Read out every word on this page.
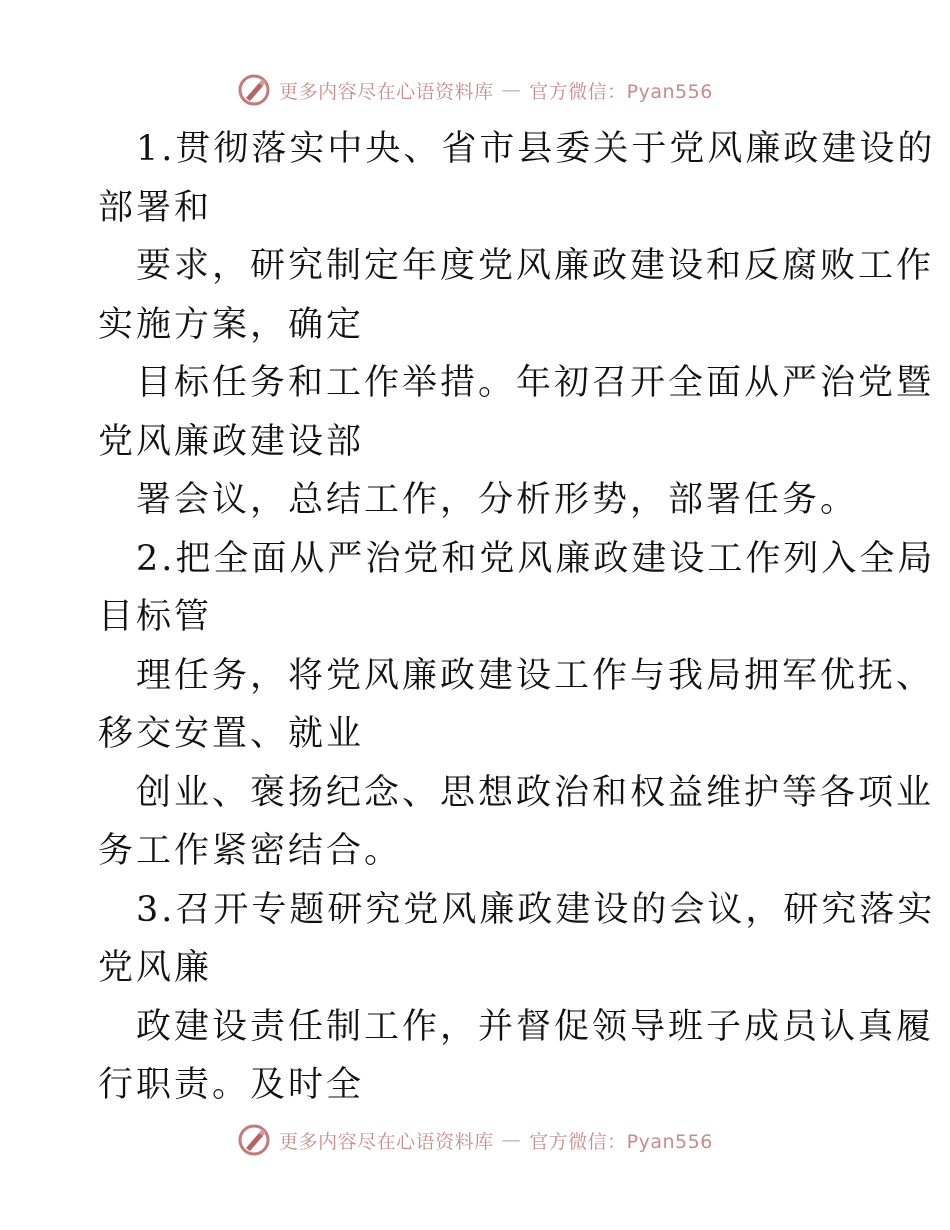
更多内容尽在心语资料库 — 官方微信：Pyan556
1.贯彻落实中央、省市县委关于党风廉政建设的
部署和
要求，研究制定年度党风廉政建设和反腐败工作
实施方案，确定
目标任务和工作举措。年初召开全面从严治党暨
党风廉政建设部
署会议，总结工作，分析形势，部署任务。
2.把全面从严治党和党风廉政建设工作列入全局
目标管
理任务，将党风廉政建设工作与我局拥军优抚、
移交安置、就业
创业、褒扬纪念、思想政治和权益维护等各项业
务工作紧密结合。
3.召开专题研究党风廉政建设的会议，研究落实
党风廉
政建设责任制工作，并督促领导班子成员认真履
行职责。及时全
更多内容尽在心语资料库 — 官方微信：Pyan556
